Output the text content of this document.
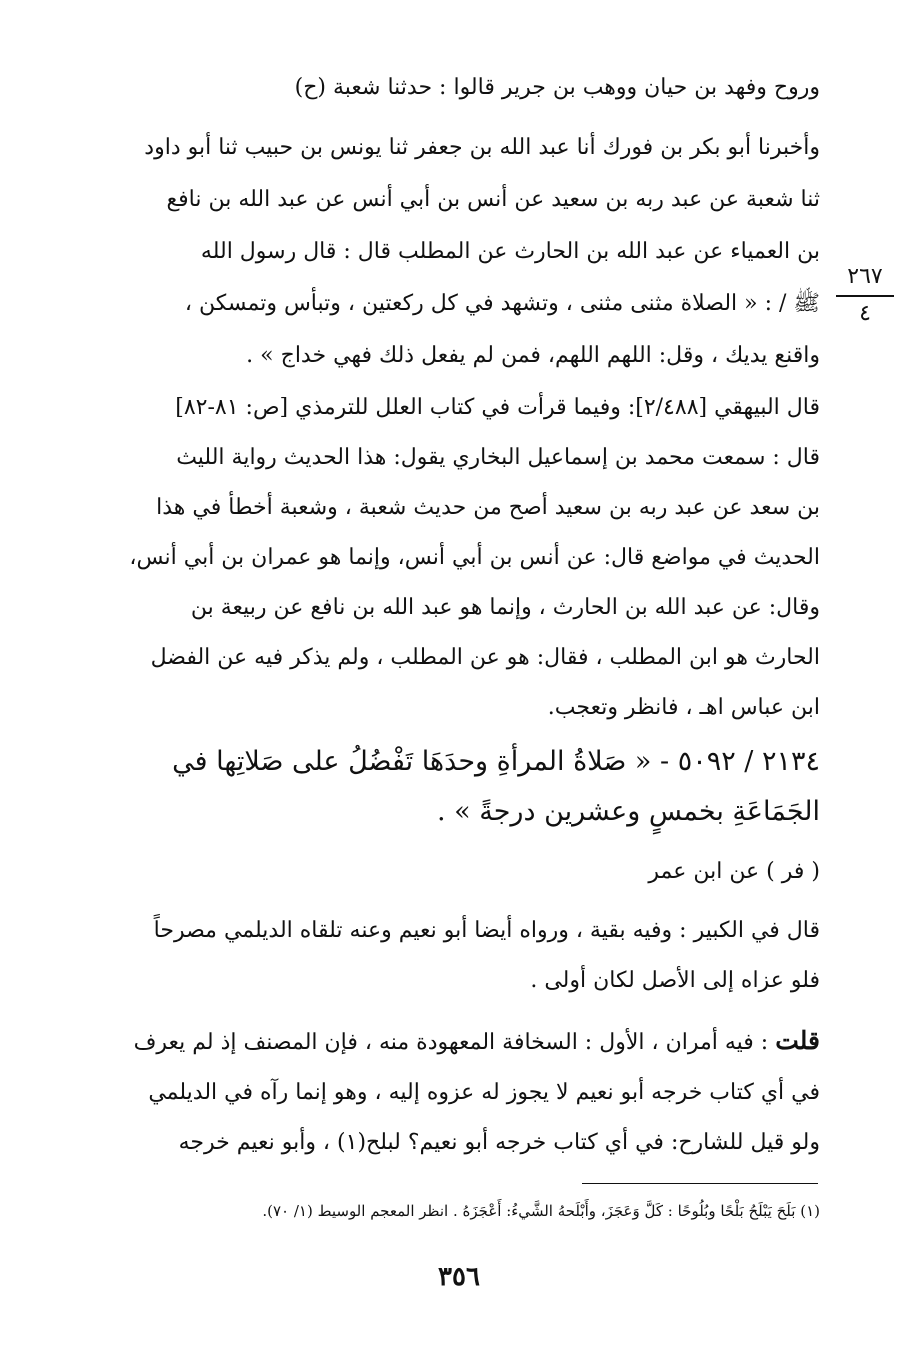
وروح وفهد بن حيان ووهب بن جرير قالوا : حدثنا شعبة (ح)

وأخبرنا أبو بكر بن فورك أنا عبد الله بن جعفر ثنا يونس بن حبيب ثنا أبو داود
ثنا شعبة عن عبد ربه بن سعيد عن أنس بن أبي أنس عن عبد الله بن نافع
بن العمياء عن عبد الله بن الحارث عن المطلب قال : قال رسول الله
ﷺ / : « الصلاة مثنى مثنى ، وتشهد في كل ركعتين ، وتبأس وتمسكن ،
واقنع يديك ، وقل: اللهم اللهم، فمن لم يفعل ذلك فهي خداج » .

٢٦٧
٤

قال البيهقي [٢/٤٨٨]: وفيما قرأت في كتاب العلل للترمذي [ص: ٨١-٨٢]
قال : سمعت محمد بن إسماعيل البخاري يقول: هذا الحديث رواية الليث
بن سعد عن عبد ربه بن سعيد أصح من حديث شعبة ، وشعبة أخطأ في هذا
الحديث في مواضع قال: عن أنس بن أبي أنس، وإنما هو عمران بن أبي أنس،
وقال: عن عبد الله بن الحارث ، وإنما هو عبد الله بن نافع عن ربيعة بن
الحارث هو ابن المطلب ، فقال: هو عن المطلب ، ولم يذكر فيه عن الفضل
ابن عباس اهـ ، فانظر وتعجب.

٢١٣٤ / ٥٠٩٢ - « صَلاةُ المرأةِ وحدَهَا تَفْضُلُ على صَلاتِها في
الجَمَاعَةِ بخمسٍ وعشرين درجةً » .

( فر ) عن ابن عمر

قال في الكبير : وفيه بقية ، ورواه أيضا أبو نعيم وعنه تلقاه الديلمي مصرحاً
فلو عزاه إلى الأصل لكان أولى .

قلت : فيه أمران ، الأول : السخافة المعهودة منه ، فإن المصنف إذ لم يعرف
في أي كتاب خرجه أبو نعيم لا يجوز له عزوه إليه ، وهو إنما رآه في الديلمي
ولو قيل للشارح: في أي كتاب خرجه أبو نعيم؟ لبلح(١) ، وأبو نعيم خرجه

(١) بَلَحَ يَبْلَحُ بَلْحًا وبُلُوحًا : كَلَّ وَعَجَزَ، وأَبْلَحهُ الشَّيءُ: أَعْجَزَهُ . انظر المعجم الوسيط (١/ ٧٠).
٣٥٦
